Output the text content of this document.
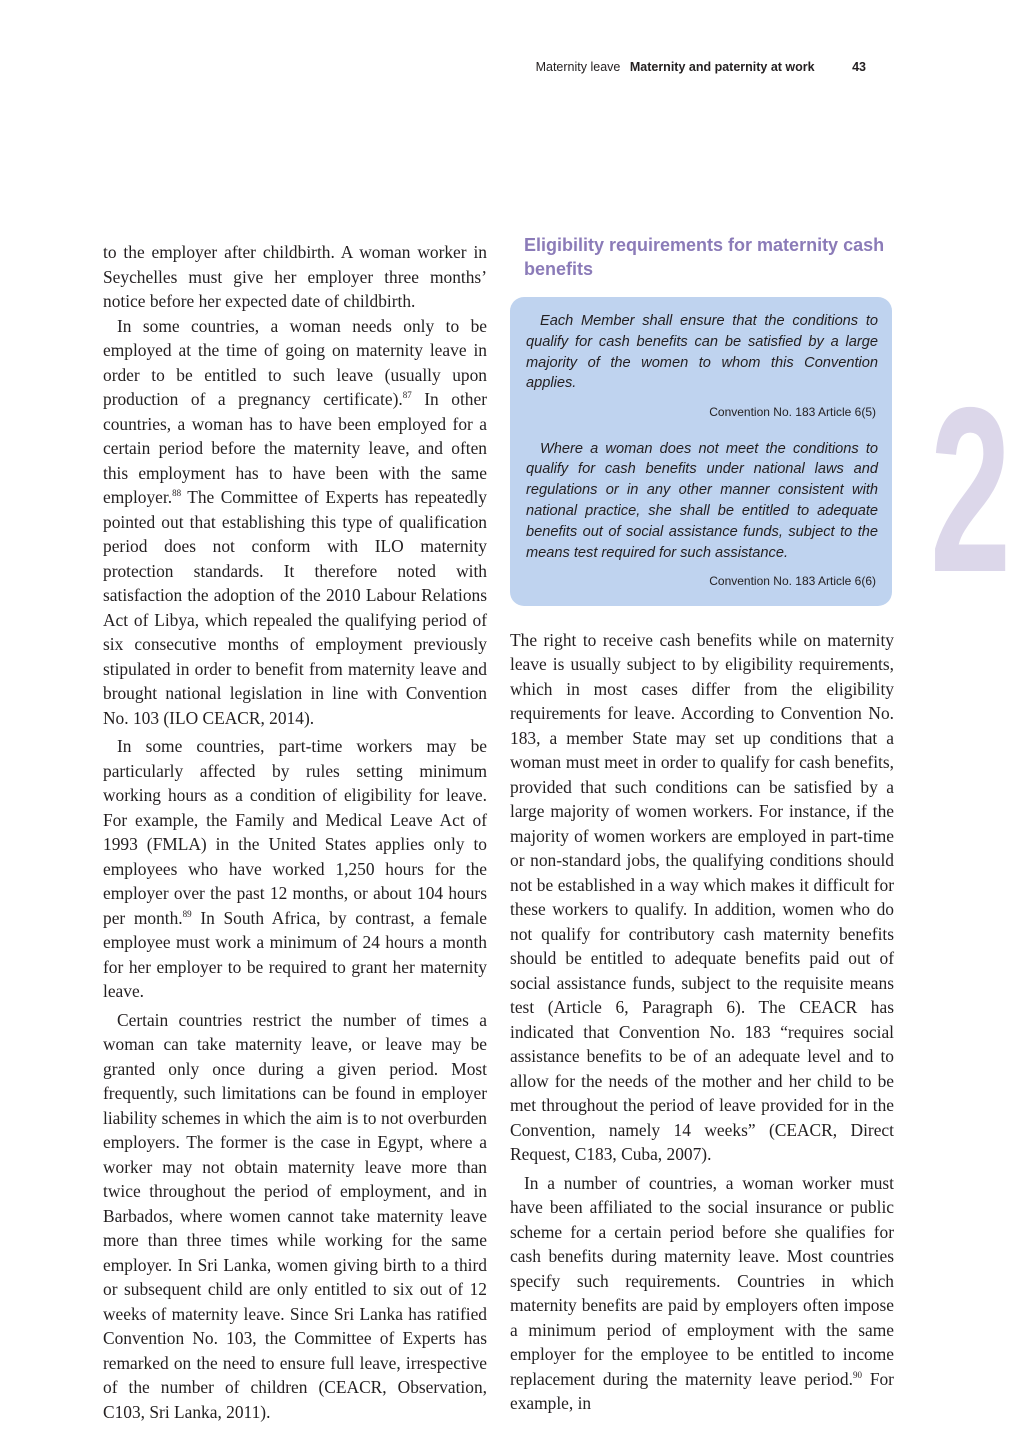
Maternity leave Maternity and paternity at work	43
2

to the employer after childbirth. A woman worker in Seychelles must give her employer three months’ notice before her expected date of childbirth.

In some countries, a woman needs only to be employed at the time of going on maternity leave in order to be entitled to such leave (usually upon production of a pregnancy certificate).$^{87}$ In other countries, a woman has to have been employed for a certain period before the maternity leave, and often this employment has to have been with the same employer.$^{88}$ The Committee of Experts has repeatedly pointed out that establishing this type of qualification period does not conform with ILO maternity protection standards. It therefore noted with satisfaction the adoption of the 2010 Labour Relations Act of Libya, which repealed the qualifying period of six consecutive months of employment previously stipulated in order to benefit from maternity leave and brought national legislation in line with Convention No. 103 (ILO CEACR, 2014).

In some countries, part-time workers may be particularly affected by rules setting minimum working hours as a condition of eligibility for leave. For example, the Family and Medical Leave Act of 1993 (FMLA) in the United States applies only to employees who have worked 1,250 hours for the employer over the past 12 months, or about 104 hours per month.$^{89}$ In South Africa, by contrast, a female employee must work a minimum of 24 hours a month for her employer to be required to grant her maternity leave.

Certain countries restrict the number of times a woman can take maternity leave, or leave may be granted only once during a given period. Most frequently, such limitations can be found in employer liability schemes in which the aim is to not overburden employers. The former is the case in Egypt, where a worker may not obtain maternity leave more than twice throughout the period of employment, and in Barbados, where women cannot take maternity leave more than three times while working for the same employer. In Sri Lanka, women giving birth to a third or subsequent child are only entitled to six out of 12 weeks of maternity leave. Since Sri Lanka has ratified Convention No. 103, the Committee of Experts has remarked on the need to ensure full leave, irrespective of the number of children (CEACR, Observation, C103, Sri Lanka, 2011).

Eligibility requirements for maternity cash benefits

Each Member shall ensure that the conditions to qualify for cash benefits can be satisfied by a large majority of the women to whom this Convention applies.

Convention No. 183 Article 6(5)

Where a woman does not meet the conditions to qualify for cash benefits under national laws and regulations or in any other manner consistent with national practice, she shall be entitled to adequate benefits out of social assistance funds, subject to the means test required for such assistance.

Convention No. 183 Article 6(6)

The right to receive cash benefits while on maternity leave is usually subject to by eligibility requirements, which in most cases differ from the eligibility requirements for leave. According to Convention No. 183, a member State may set up conditions that a woman must meet in order to qualify for cash benefits, provided that such conditions can be satisfied by a large majority of women workers. For instance, if the majority of women workers are employed in part-time or non-standard jobs, the qualifying conditions should not be established in a way which makes it difficult for these workers to qualify. In addition, women who do not qualify for contributory cash maternity benefits should be entitled to adequate benefits paid out of social assistance funds, subject to the requisite means test (Article 6, Paragraph 6). The CEACR has indicated that Convention No. 183 “requires social assistance benefits to be of an adequate level and to allow for the needs of the mother and her child to be met throughout the period of leave provided for in the Convention, namely 14 weeks” (CEACR, Direct Request, C183, Cuba, 2007).

In a number of countries, a woman worker must have been affiliated to the social insurance or public scheme for a certain period before she qualifies for cash benefits during maternity leave. Most countries specify such requirements. Countries in which maternity benefits are paid by employers often impose a minimum period of employment with the same employer for the employee to be entitled to income replacement during the maternity leave period.$^{90}$ For example, in
